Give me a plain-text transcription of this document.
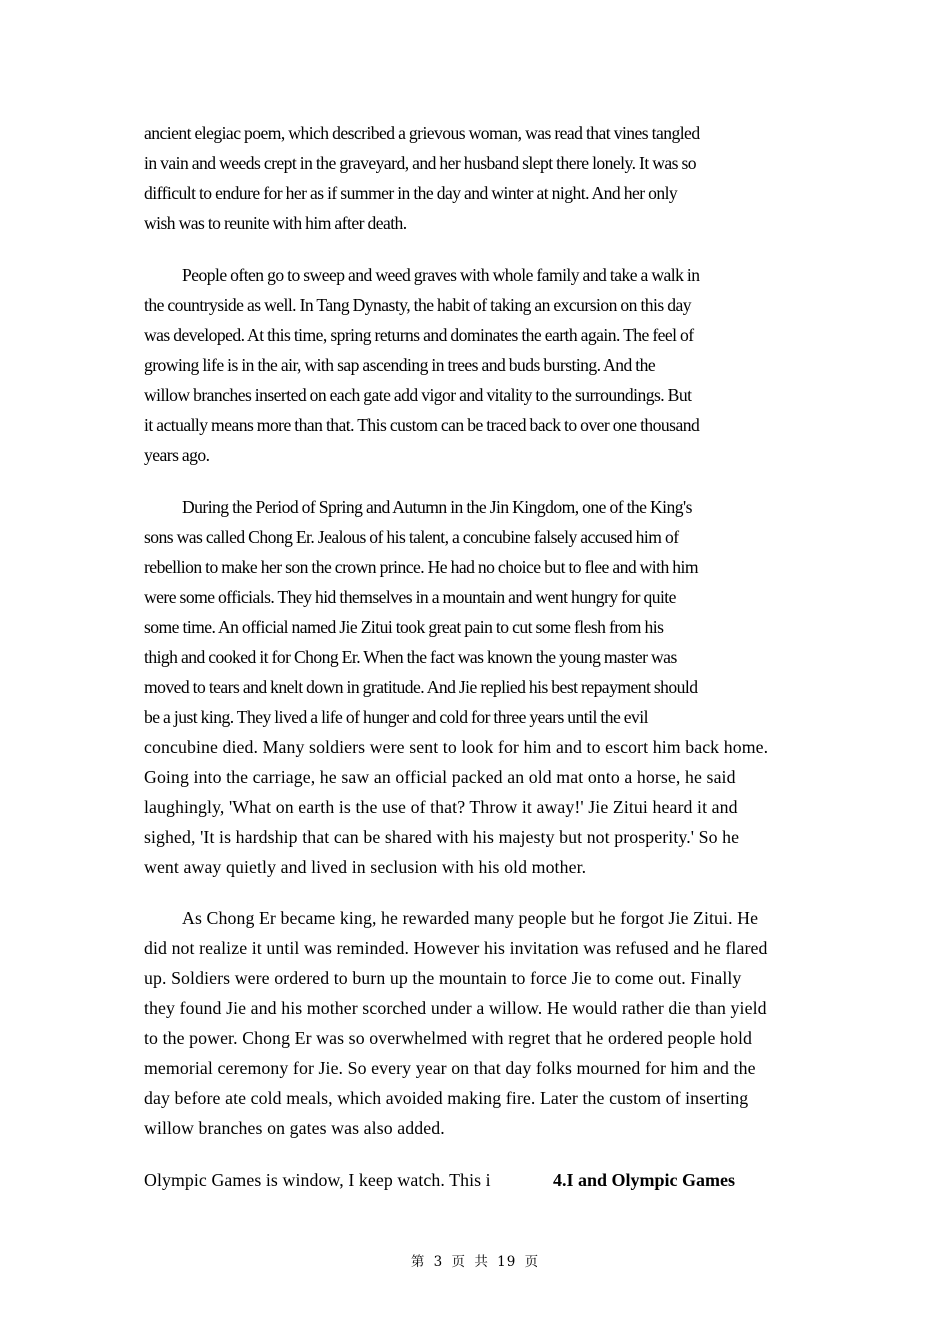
ancient elegiac poem, which described a grievous woman, was read that vines tangled
in vain and weeds crept in the graveyard, and her husband slept there lonely. It was so
difficult to endure for her as if summer in the day and winter at night. And her only
wish was to reunite with him after death.
People often go to sweep and weed graves with whole family and take a walk in
the countryside as well. In Tang Dynasty, the habit of taking an excursion on this day
was developed. At this time, spring returns and dominates the earth again. The feel of
growing life is in the air, with sap ascending in trees and buds bursting. And the
willow branches inserted on each gate add vigor and vitality to the surroundings. But
it actually means more than that. This custom can be traced back to over one thousand
years ago.
During the Period of Spring and Autumn in the Jin Kingdom, one of the King's
sons was called Chong Er. Jealous of his talent, a concubine falsely accused him of
rebellion to make her son the crown prince. He had no choice but to flee and with him
were some officials. They hid themselves in a mountain and went hungry for quite
some time. An official named Jie Zitui took great pain to cut some flesh from his
thigh and cooked it for Chong Er. When the fact was known the young master was
moved to tears and knelt down in gratitude. And Jie replied his best repayment should
be a just king. They lived a life of hunger and cold for three years until the evil
concubine died. Many soldiers were sent to look for him and to escort him back home.
Going into the carriage, he saw an official packed an old mat onto a horse, he said
laughingly, 'What on earth is the use of that? Throw it away!' Jie Zitui heard it and
sighed, 'It is hardship that can be shared with his majesty but not prosperity.' So he
went away quietly and lived in seclusion with his old mother.
As Chong Er became king, he rewarded many people but he forgot Jie Zitui. He
did not realize it until was reminded. However his invitation was refused and he flared
up. Soldiers were ordered to burn up the mountain to force Jie to come out. Finally
they found Jie and his mother scorched under a willow. He would rather die than yield
to the power. Chong Er was so overwhelmed with regret that he ordered people hold
memorial ceremony for Jie. So every year on that day folks mourned for him and the
day before ate cold meals, which avoided making fire. Later the custom of inserting
willow branches on gates was also added.
Olympic Games is window, I keep watch. This i	4.I and Olympic Games
第 3 页 共 19 页
